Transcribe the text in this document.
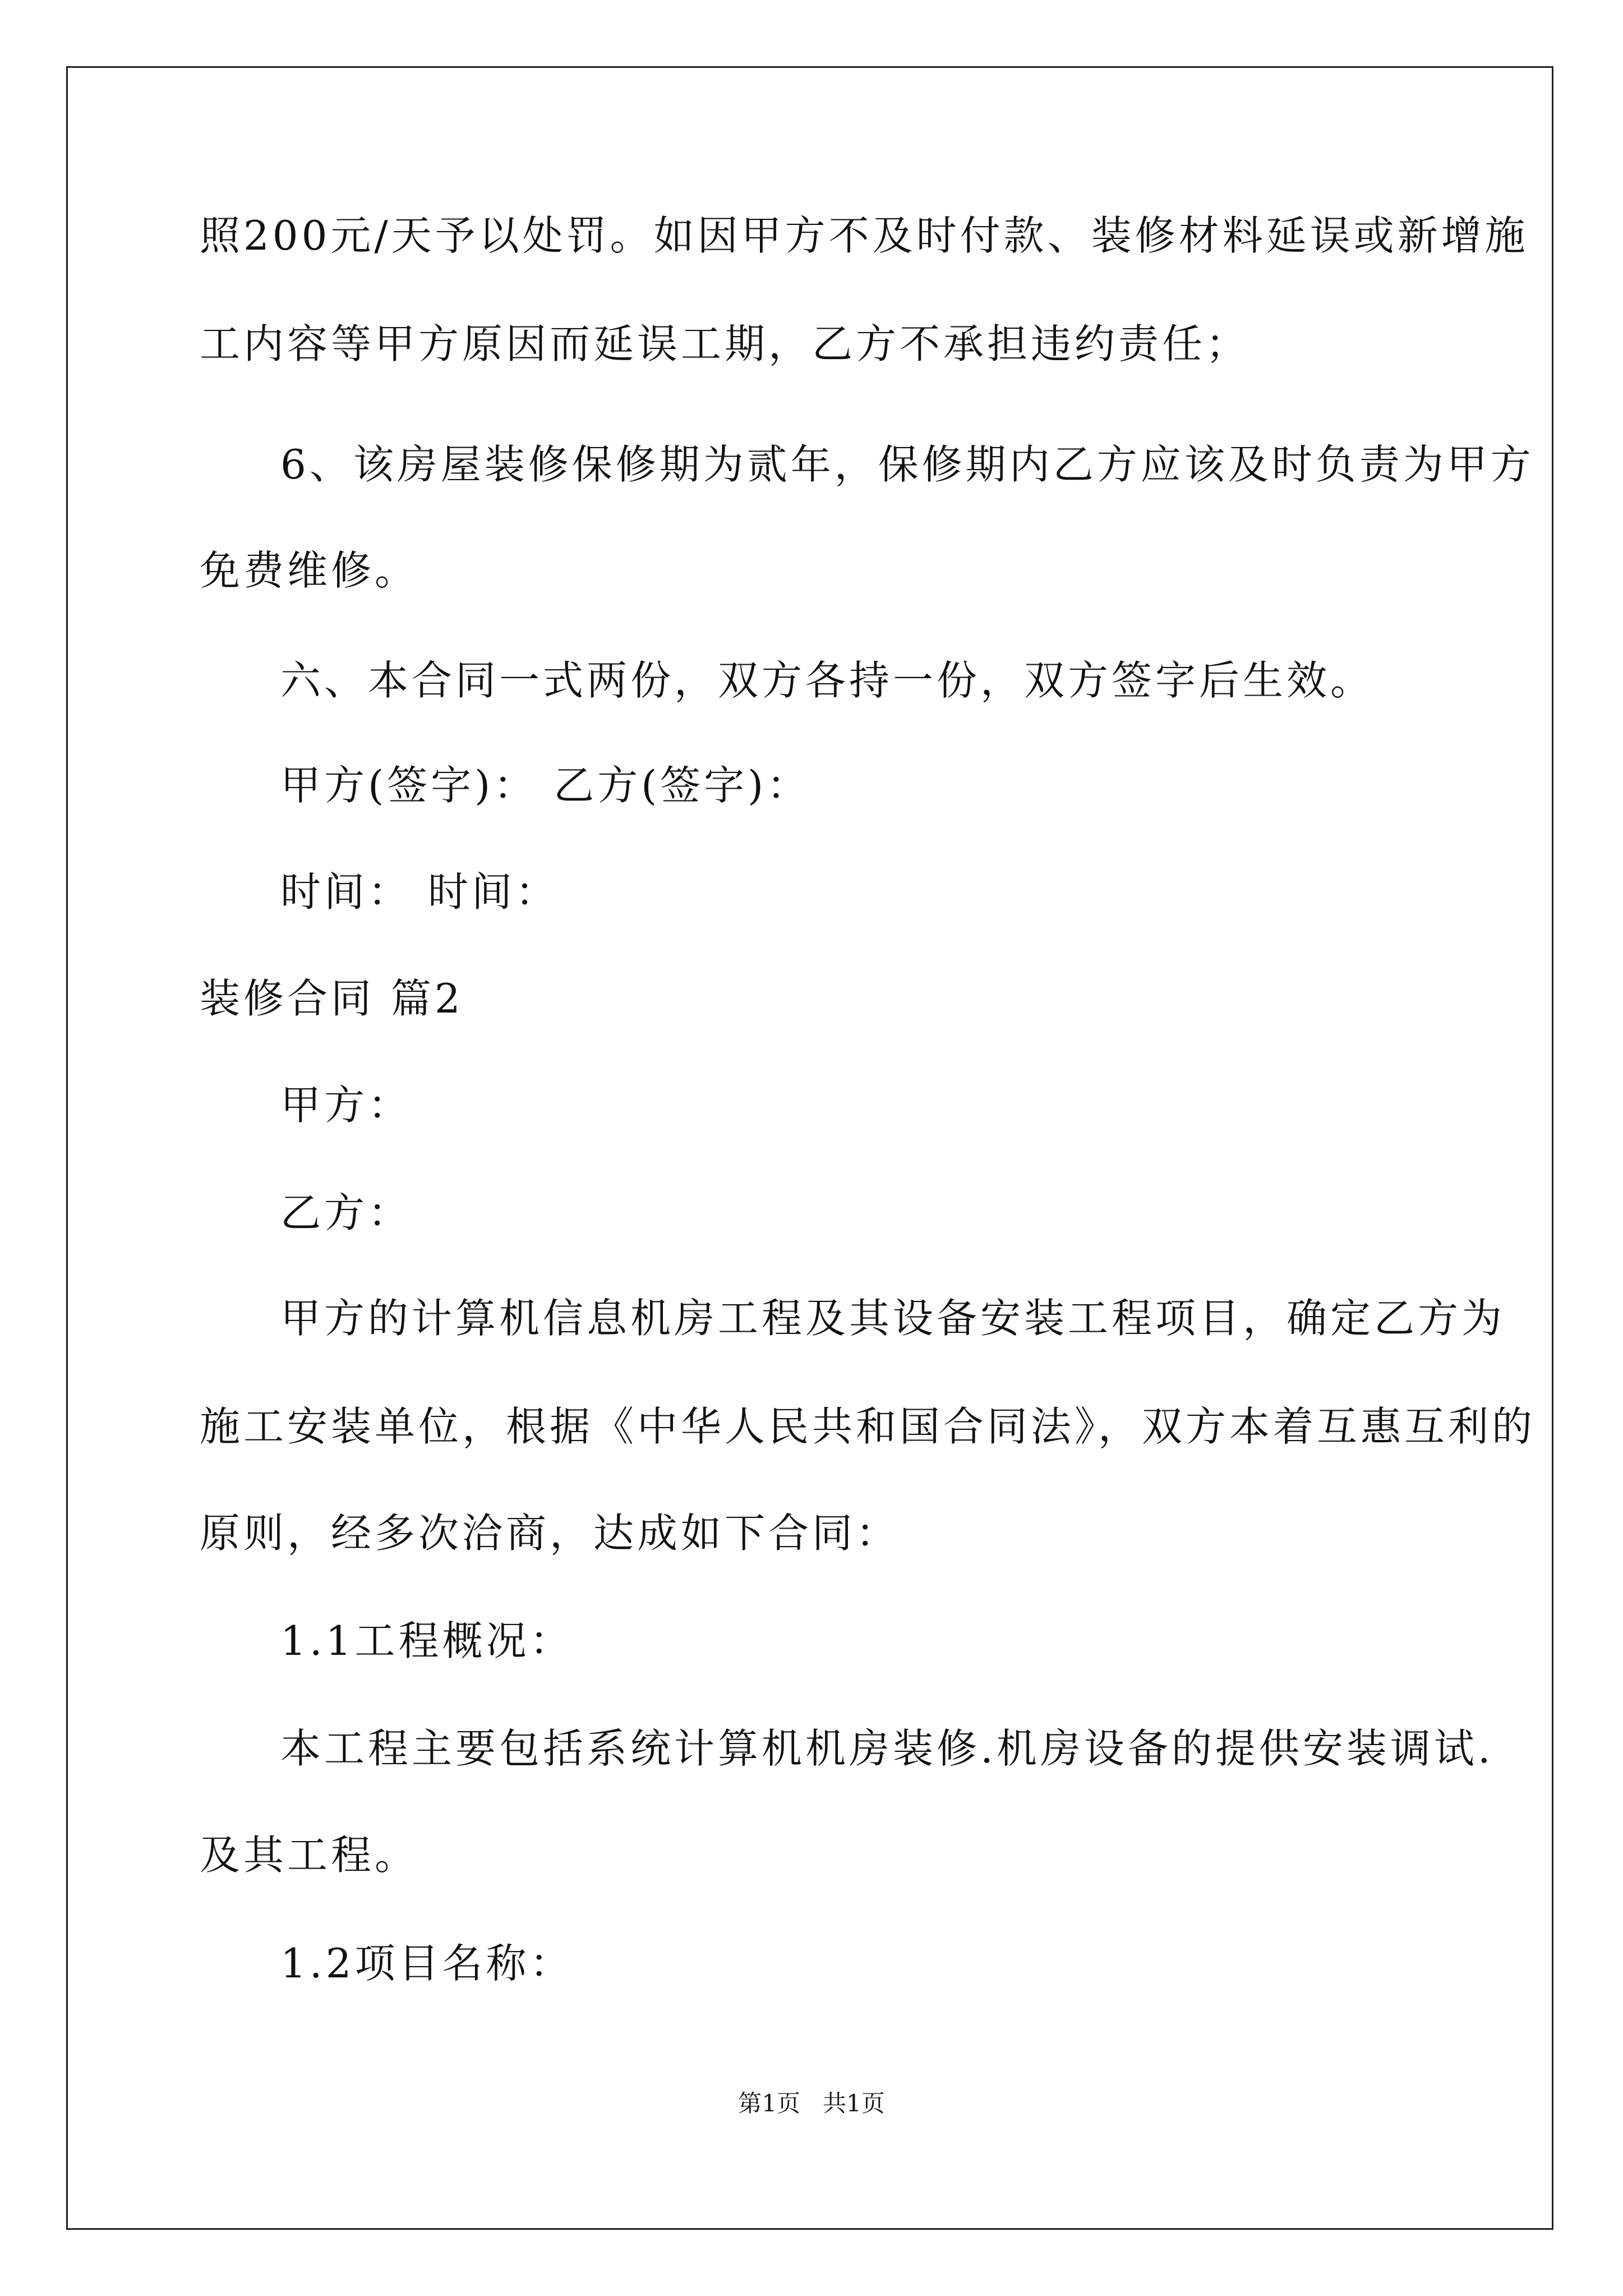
照200元/天予以处罚。如因甲方不及时付款、装修材料延误或新增施
工内容等甲方原因而延误工期，乙方不承担违约责任；
6、该房屋装修保修期为贰年，保修期内乙方应该及时负责为甲方
免费维修。
六、本合同一式两份，双方各持一份，双方签字后生效。
甲方(签字)： 乙方(签字)：
时间： 时间：
装修合同 篇2
甲方：
乙方：
甲方的计算机信息机房工程及其设备安装工程项目，确定乙方为
施工安装单位，根据《中华人民共和国合同法》，双方本着互惠互利的
原则，经多次洽商，达成如下合同：
1.1工程概况：
本工程主要包括系统计算机机房装修.机房设备的提供安装调试.
及其工程。
1.2项目名称：
第1页   共1页
